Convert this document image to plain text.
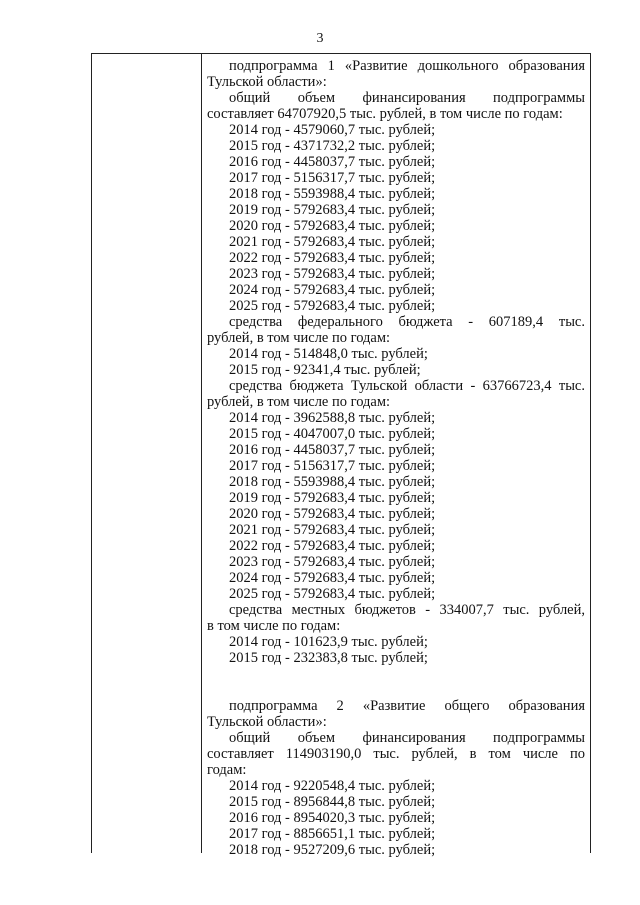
3
подпрограмма 1 «Развитие дошкольного образования
Тульской области»:
общий объем финансирования подпрограммы
составляет 64707920,5 тыс. рублей, в том числе по годам:
2014 год - 4579060,7 тыс. рублей;
2015 год - 4371732,2 тыс. рублей;
2016 год - 4458037,7 тыс. рублей;
2017 год - 5156317,7 тыс. рублей;
2018 год - 5593988,4 тыс. рублей;
2019 год - 5792683,4 тыс. рублей;
2020 год - 5792683,4 тыс. рублей;
2021 год - 5792683,4 тыс. рублей;
2022 год - 5792683,4 тыс. рублей;
2023 год - 5792683,4 тыс. рублей;
2024 год - 5792683,4 тыс. рублей;
2025 год - 5792683,4 тыс. рублей;
средства федерального бюджета - 607189,4 тыс.
рублей, в том числе по годам:
2014 год - 514848,0 тыс. рублей;
2015 год - 92341,4 тыс. рублей;
средства бюджета Тульской области - 63766723,4 тыс.
рублей, в том числе по годам:
2014 год - 3962588,8 тыс. рублей;
2015 год - 4047007,0 тыс. рублей;
2016 год - 4458037,7 тыс. рублей;
2017 год - 5156317,7 тыс. рублей;
2018 год - 5593988,4 тыс. рублей;
2019 год - 5792683,4 тыс. рублей;
2020 год - 5792683,4 тыс. рублей;
2021 год - 5792683,4 тыс. рублей;
2022 год - 5792683,4 тыс. рублей;
2023 год - 5792683,4 тыс. рублей;
2024 год - 5792683,4 тыс. рублей;
2025 год - 5792683,4 тыс. рублей;
средства местных бюджетов - 334007,7 тыс. рублей,
в том числе по годам:
2014 год - 101623,9 тыс. рублей;
2015 год - 232383,8 тыс. рублей;
подпрограмма 2 «Развитие общего образования
Тульской области»:
общий объем финансирования подпрограммы
составляет 114903190,0 тыс. рублей, в том числе по
годам:
2014 год - 9220548,4 тыс. рублей;
2015 год - 8956844,8 тыс. рублей;
2016 год - 8954020,3 тыс. рублей;
2017 год - 8856651,1 тыс. рублей;
2018 год - 9527209,6 тыс. рублей;
